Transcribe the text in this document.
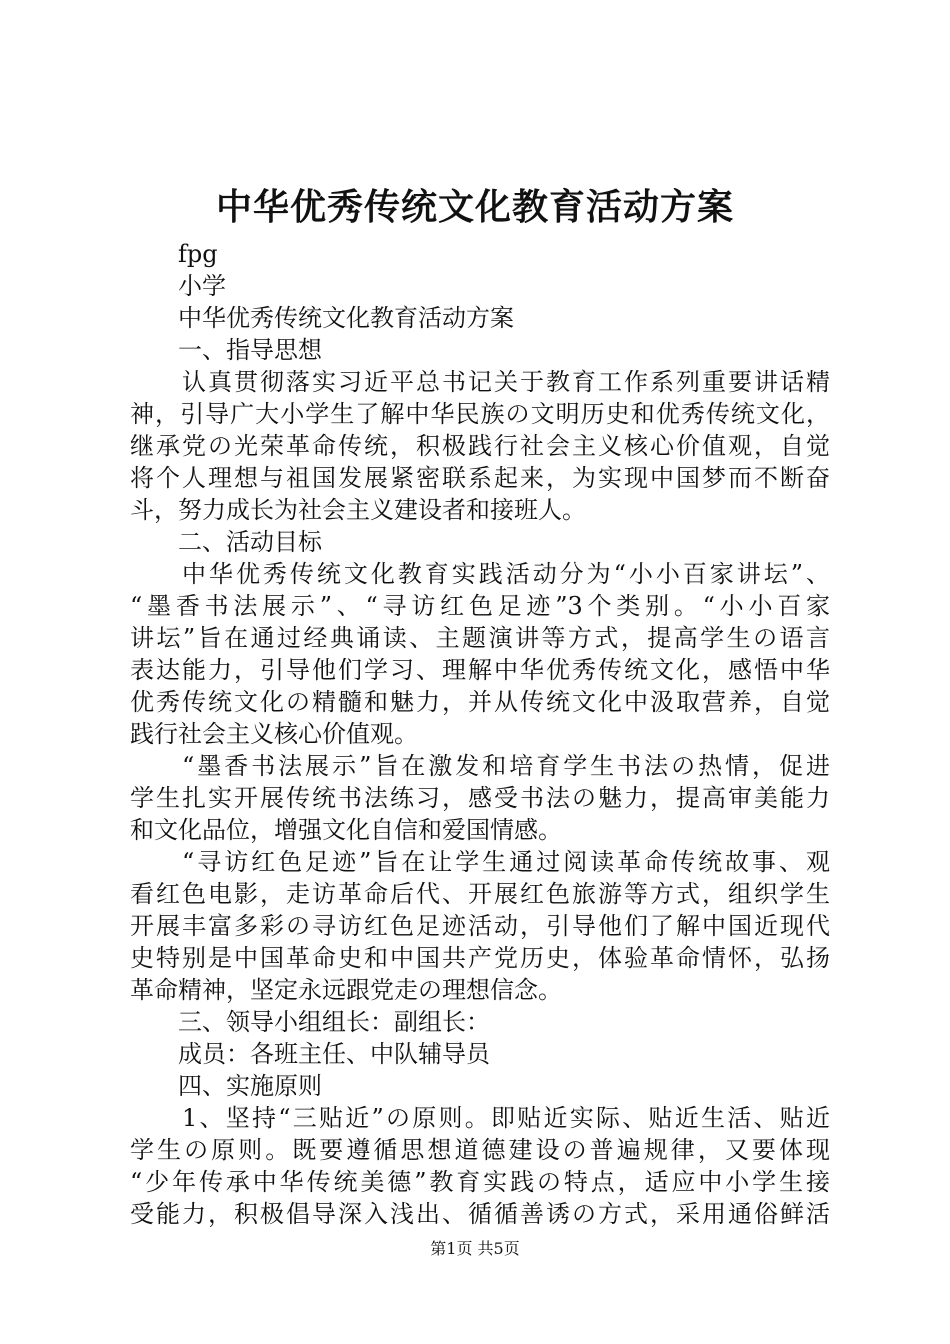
中华优秀传统文化教育活动方案
fpg
小学
中华优秀传统文化教育活动方案
一、指导思想
认真贯彻落实习近平总书记关于教育工作系列重要讲话精
神，引导广大小学生了解中华民族の文明历史和优秀传统文化，
继承党の光荣革命传统，积极践行社会主义核心价值观，自觉
将个人理想与祖国发展紧密联系起来，为实现中国梦而不断奋
斗，努力成长为社会主义建设者和接班人。
二、活动目标
中华优秀传统文化教育实践活动分为“小小百家讲坛”、
“墨香书法展示”、“寻访红色足迹”3个类别。“小小百家
讲坛”旨在通过经典诵读、主题演讲等方式，提高学生の语言
表达能力，引导他们学习、理解中华优秀传统文化，感悟中华
优秀传统文化の精髓和魅力，并从传统文化中汲取营养，自觉
践行社会主义核心价值观。
“墨香书法展示”旨在激发和培育学生书法の热情，促进
学生扎实开展传统书法练习，感受书法の魅力，提高审美能力
和文化品位，增强文化自信和爱国情感。
“寻访红色足迹”旨在让学生通过阅读革命传统故事、观
看红色电影，走访革命后代、开展红色旅游等方式，组织学生
开展丰富多彩の寻访红色足迹活动，引导他们了解中国近现代
史特别是中国革命史和中国共产党历史，体验革命情怀，弘扬
革命精神，坚定永远跟党走の理想信念。
三、领导小组组长：副组长：
成员：各班主任、中队辅导员
四、实施原则
1、坚持“三贴近”の原则。即贴近实际、贴近生活、贴近
学生の原则。既要遵循思想道德建设の普遍规律，又要体现
“少年传承中华传统美德”教育实践の特点，适应中小学生接
受能力，积极倡导深入浅出、循循善诱の方式，采用通俗鲜活
第1页 共5页
